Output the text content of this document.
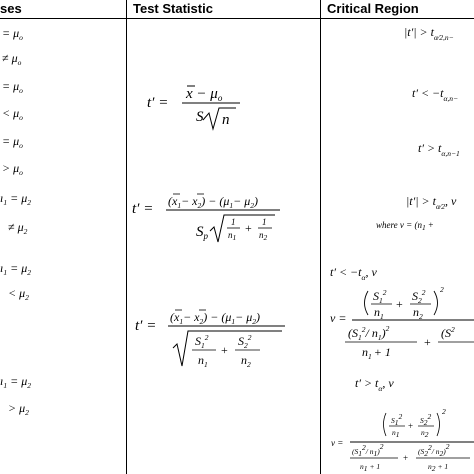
ses	Test Statistic	Critical Region
= $\mu_o$
≠ $\mu_o$
= $\mu_o$
< $\mu_o$
= $\mu_o$
> $\mu_o$
$ı_1 = \mu_2$
≠ $\mu_2$
$ı_1 = \mu_2$
< $\mu_2$
$ı_1 = \mu_2$
> $\mu_2$
t′ =
$x - \mu_o$
S n
$t' = (x_1- x_2) - (\mu_1- \mu_2)$
$S_p$
1
$n_1$
+ 1
$n_2$
t′ =
$(x_1- x_2) - (\mu_1- \mu_2)$
$S_1^2$
$n_1$
+
$S_2^2$
$n_2$
$|t'| > t_{\alpha⁄2,n-}$
$t' < -t_{\alpha,n-}$
$t' > t_{\alpha,n-1}$
$|t'| > t_{\alpha⁄2}$, v
where $v = (n_1$ +
$t' < -t_\alpha$, v
v =
$S_1^2$
$n_1$
+
$S_2^2$
$n_2$
2
($S_1^2/$ $n_1)^2$
$n_1 + 1$
+
($S^2$
$t' > t_\alpha$, v
v =
S12
n1
+
S22
n2
2
(S12/ n1)2
n1 + 1
+
(S22/ n2)2
n2 + 1
